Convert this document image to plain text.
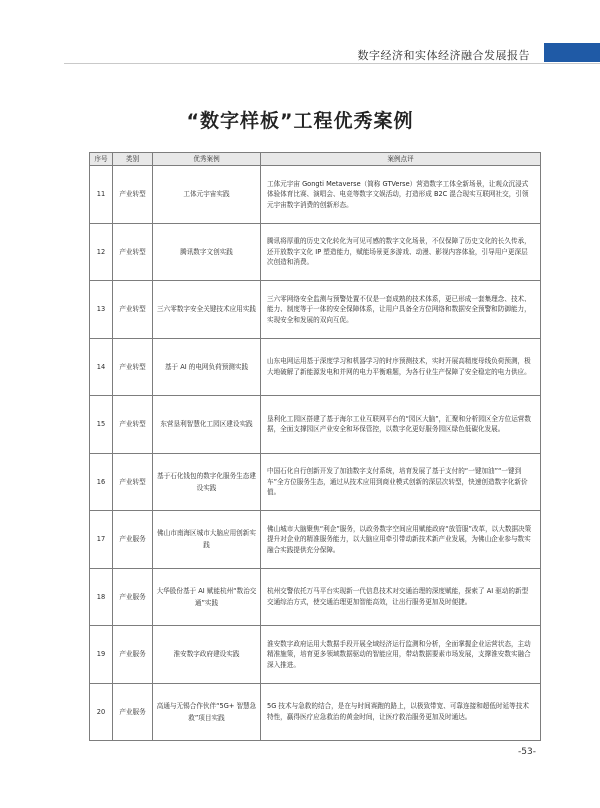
数字经济和实体经济融合发展报告
“数字样板”工程优秀案例
序号	类别	优秀案例	案例点评
11	产业转型	工体元宇宙实践	工体元宇宙 Gongti Metaverse（简称 GTVerse）营造数字工体全新场景，让观众沉浸式体验体育比赛、演唱会、电竞等数字文娱活动，打造形成 B2C 混合现实互联网社交，引领元宇宙数字消费的创新形态。
12	产业转型	腾讯数字文创实践	腾讯将厚重的历史文化转化为可见可感的数字文化场景，不仅保障了历史文化的长久传承，还开放数字文化 IP 塑造能力，赋能场景更多游戏、动漫、影视内容体验，引导用户更深层次创造和消费。
13	产业转型	三六零数字安全关键技术应用实践	三六零网络安全监测与预警处置不仅是一套成熟的技术体系，更已形成一套集理念、技术、能力、制度等于一体的安全保障体系，让用户具备全方位网络和数据安全预警和防御能力，实现安全和发展的双向互促。
14	产业转型	基于 AI 的电网负荷预测实践	山东电网运用基于深度学习和机器学习的时序预测技术，实时开展高精度母线负荷预测，极大地破解了新能源发电和并网的电力平衡难题，为各行业生产保障了安全稳定的电力供应。
15	产业转型	东营垦利智慧化工园区建设实践	垦利化工园区搭建了基于海尔工业互联网平台的“园区大脑”，汇聚和分析园区全方位运营数据，全面支撑园区产业安全和环保管控，以数字化更好服务园区绿色低碳化发展。
16	产业转型	基于石化钱包的数字化服务生态建设实践	中国石化自行创新开发了加油数字支付系统，培育发展了基于支付的“一键加油”“一键到车”全方位服务生态，通过从技术应用到商业模式创新的深层次转型，快速创造数字化新价值。
17	产业服务	佛山市南海区城市大脑应用创新实践	佛山城市大脑聚焦“利企”服务，以政务数字空间应用赋能政府“放管服”改革，以大数据决策提升对企业的精准服务能力，以大脑应用牵引带动新技术新产业发展，为佛山企业参与数实融合实践提供充分保障。
18	产业服务	大华股份基于 AI 赋能杭州“数治交通”实践	杭州交警依托万马平台实现新一代信息技术对交通治理的深度赋能，探索了 AI 驱动的新型交通综治方式，使交通治理更加智能高效，让出行服务更加及时便捷。
19	产业服务	淮安数字政府建设实践	淮安数字政府运用大数据手段开展全域经济运行监测和分析，全面掌握企业运营状态，主动精准施策，培育更多领域数据驱动的智能应用，带动数据要素市场发展，支撑淮安数实融合深入推进。
20	产业服务	高通与无锡合作伙伴“5G+ 智慧急救”项目实践	5G 技术与急救的结合，是在与时间赛跑的路上，以极致带宽、可靠连接和超低时延等技术特性，赢得医疗应急救治的黄金时间，让医疗救治服务更加及时通达。
-53-
